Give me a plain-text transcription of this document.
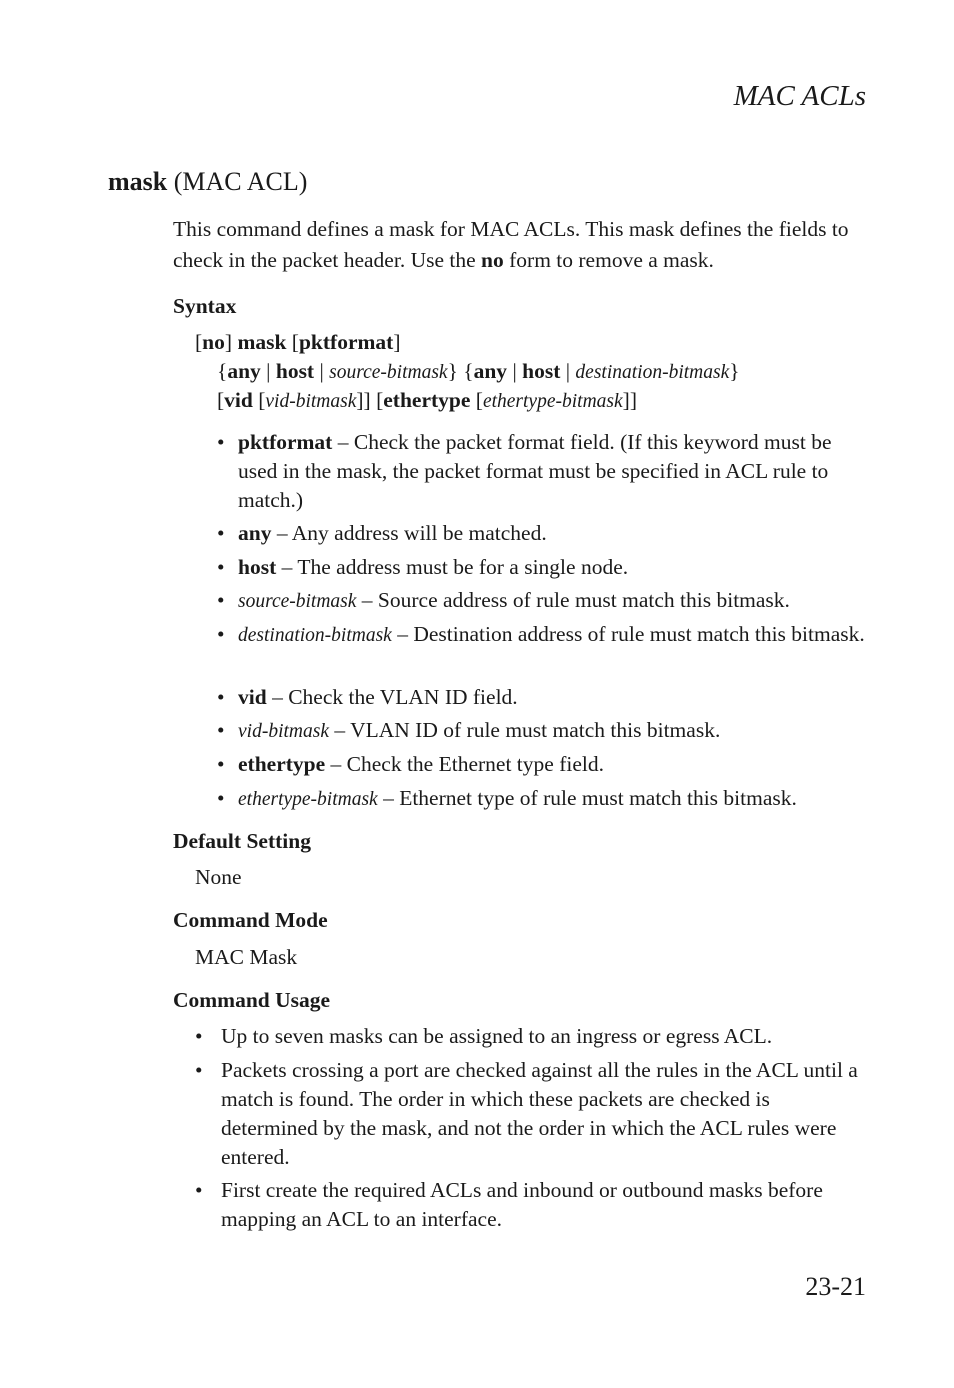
MAC ACLs
mask (MAC ACL)
This command defines a mask for MAC ACLs. This mask defines the fields to check in the packet header. Use the no form to remove a mask.
Syntax
[no] mask [pktformat]
{any | host | source-bitmask} {any | host | destination-bitmask}
[vid [vid-bitmask]] [ethertype [ethertype-bitmask]]
• pktformat – Check the packet format field. (If this keyword must be used in the mask, the packet format must be specified in ACL rule to match.)
• any – Any address will be matched.
• host – The address must be for a single node.
• source-bitmask – Source address of rule must match this bitmask.
• destination-bitmask – Destination address of rule must match this bitmask.
• vid – Check the VLAN ID field.
• vid-bitmask – VLAN ID of rule must match this bitmask.
• ethertype – Check the Ethernet type field.
• ethertype-bitmask – Ethernet type of rule must match this bitmask.
Default Setting
None
Command Mode
MAC Mask
Command Usage
• Up to seven masks can be assigned to an ingress or egress ACL.
• Packets crossing a port are checked against all the rules in the ACL until a match is found. The order in which these packets are checked is determined by the mask, and not the order in which the ACL rules were entered.
• First create the required ACLs and inbound or outbound masks before mapping an ACL to an interface.
23-21
